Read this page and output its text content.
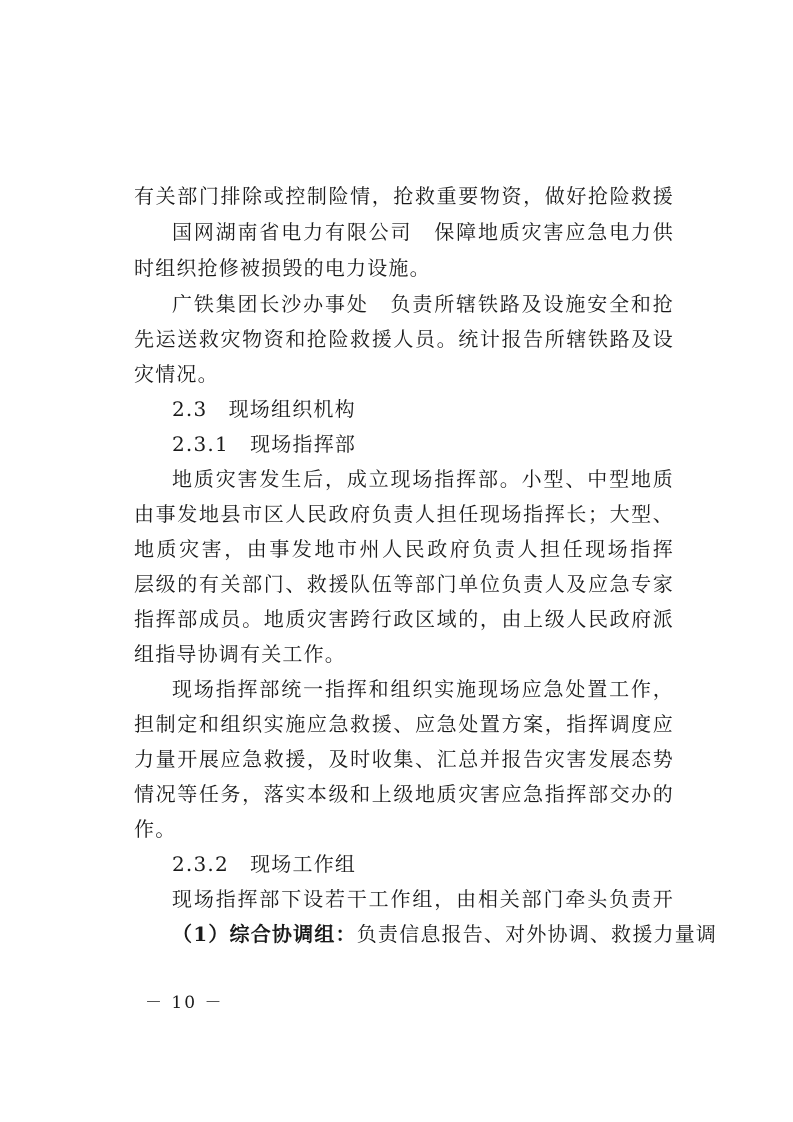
有关部门排除或控制险情，抢救重要物资，做好抢险救援
国网湖南省电力有限公司　保障地质灾害应急电力供
时组织抢修被损毁的电力设施。
广铁集团长沙办事处　负责所辖铁路及设施安全和抢
先运送救灾物资和抢险救援人员。统计报告所辖铁路及设
灾情况。
2.3　现场组织机构
2.3.1　现场指挥部
地质灾害发生后，成立现场指挥部。小型、中型地质
由事发地县市区人民政府负责人担任现场指挥长；大型、
地质灾害，由事发地市州人民政府负责人担任现场指挥
层级的有关部门、救援队伍等部门单位负责人及应急专家
指挥部成员。地质灾害跨行政区域的，由上级人民政府派
组指导协调有关工作。
现场指挥部统一指挥和组织实施现场应急处置工作，
担制定和组织实施应急救援、应急处置方案，指挥调度应
力量开展应急救援，及时收集、汇总并报告灾害发展态势
情况等任务，落实本级和上级地质灾害应急指挥部交办的
作。
2.3.2　现场工作组
现场指挥部下设若干工作组，由相关部门牵头负责开
（1）综合协调组：负责信息报告、对外协调、救援力量调
－ 10 －
